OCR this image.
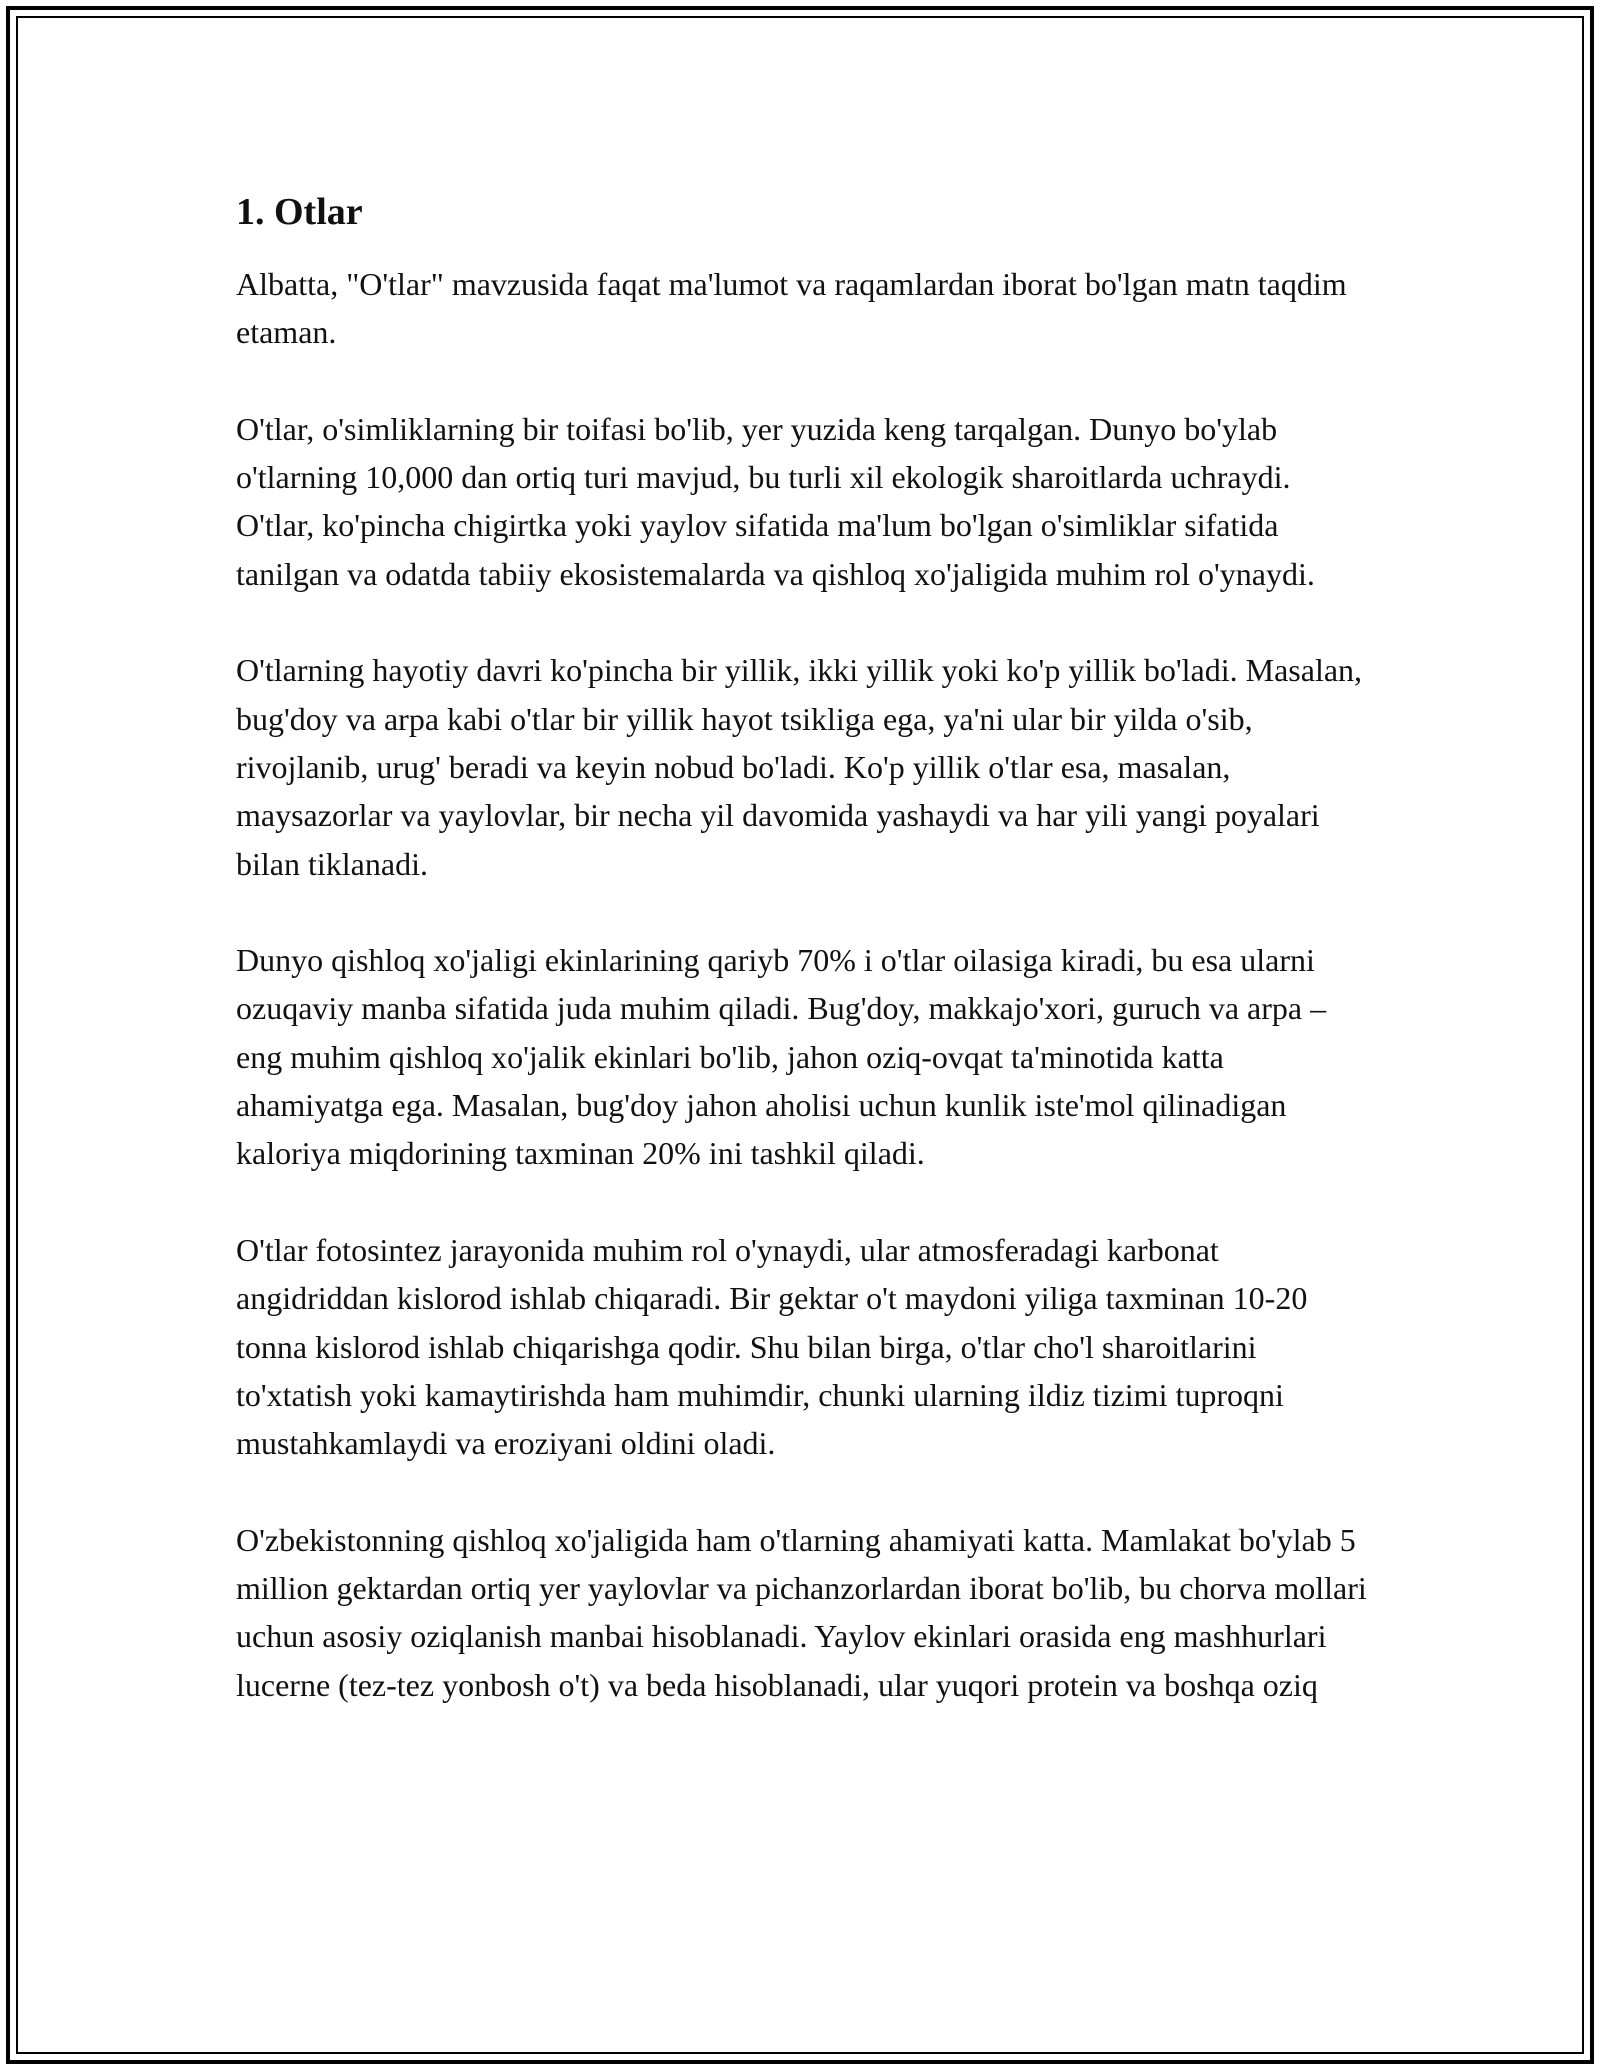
1. Otlar

Albatta, "O'tlar" mavzusida faqat ma'lumot va raqamlardan iborat bo'lgan matn taqdim etaman.

O'tlar, o'simliklarning bir toifasi bo'lib, yer yuzida keng tarqalgan. Dunyo bo'ylab o'tlarning 10,000 dan ortiq turi mavjud, bu turli xil ekologik sharoitlarda uchraydi. O'tlar, ko'pincha chigirtka yoki yaylov sifatida ma'lum bo'lgan o'simliklar sifatida tanilgan va odatda tabiiy ekosistemalarda va qishloq xo'jaligida muhim rol o'ynaydi.

O'tlarning hayotiy davri ko'pincha bir yillik, ikki yillik yoki ko'p yillik bo'ladi. Masalan, bug'doy va arpa kabi o'tlar bir yillik hayot tsikliga ega, ya'ni ular bir yilda o'sib, rivojlanib, urug' beradi va keyin nobud bo'ladi. Ko'p yillik o'tlar esa, masalan, maysazorlar va yaylovlar, bir necha yil davomida yashaydi va har yili yangi poyalari bilan tiklanadi.

Dunyo qishloq xo'jaligi ekinlarining qariyb 70% i o'tlar oilasiga kiradi, bu esa ularni ozuqaviy manba sifatida juda muhim qiladi. Bug'doy, makkajo'xori, guruch va arpa – eng muhim qishloq xo'jalik ekinlari bo'lib, jahon oziq-ovqat ta'minotida katta ahamiyatga ega. Masalan, bug'doy jahon aholisi uchun kunlik iste'mol qilinadigan kaloriya miqdorining taxminan 20% ini tashkil qiladi.

O'tlar fotosintez jarayonida muhim rol o'ynaydi, ular atmosferadagi karbonat angidriddan kislorod ishlab chiqaradi. Bir gektar o't maydoni yiliga taxminan 10-20 tonna kislorod ishlab chiqarishga qodir. Shu bilan birga, o'tlar cho'l sharoitlarini to'xtatish yoki kamaytirishda ham muhimdir, chunki ularning ildiz tizimi tuproqni mustahkamlaydi va eroziyani oldini oladi.

O'zbekistonning qishloq xo'jaligida ham o'tlarning ahamiyati katta. Mamlakat bo'ylab 5 million gektardan ortiq yer yaylovlar va pichanzorlardan iborat bo'lib, bu chorva mollari uchun asosiy oziqlanish manbai hisoblanadi. Yaylov ekinlari orasida eng mashhurlari lucerne (tez-tez yonbosh o't) va beda hisoblanadi, ular yuqori protein va boshqa oziq
